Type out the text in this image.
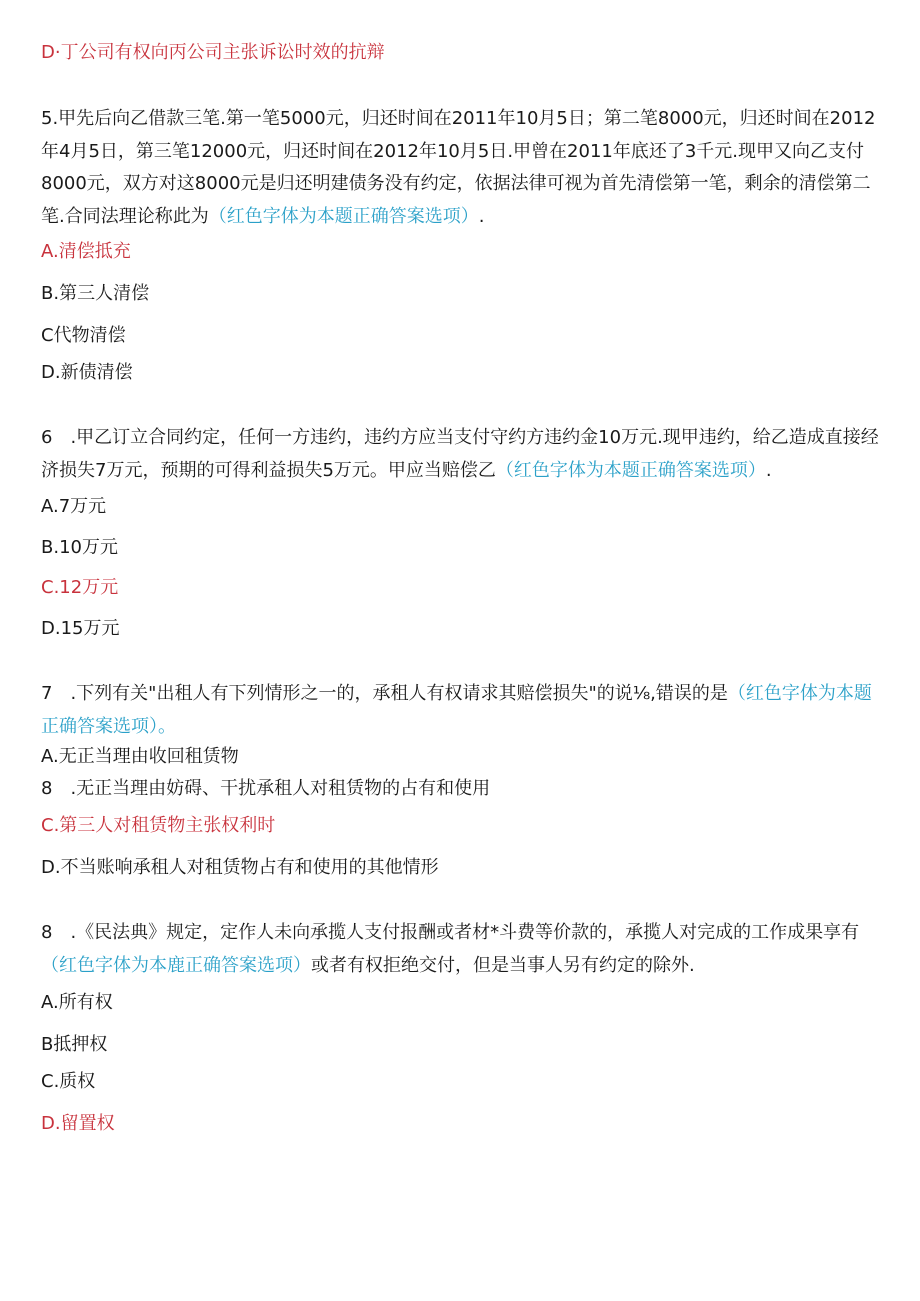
D·丁公司有权向丙公司主张诉讼时效的抗辩
5.甲先后向乙借款三笔.第一笔5000元，归还时间在2011年10月5日；第二笔8000元，归还时间在2012年4月5日，第三笔12000元，归还时间在2012年10月5日.甲曾在2011年底还了3千元.现甲又向乙支付8000元，双方对这8000元是归还明建债务没有约定，依据法律可视为首先清偿第一笔，剩余的清偿第二笔.合同法理论称此为（红色字体为本题正确答案选项）.
A.清偿抵充
B.第三人清偿
C代物清偿
D.新债清偿
6　.甲乙订立合同约定，任何一方违约，违约方应当支付守约方违约金10万元.现甲违约，给乙造成直接经济损失7万元，预期的可得利益损失5万元。甲应当赔偿乙（红色字体为本题正确答案选项）.
A.7万元
B.10万元
C.12万元
D.15万元
7　.下列有关"出租人有下列情形之一的，承租人有权请求其赔偿损失"的说⅛,错误的是（红色字体为本题正确答案选项）。
A.无正当理由收回租赁物
8　.无正当理由妨碍、干扰承租人对租赁物的占有和使用
C.第三人对租赁物主张权利时
D.不当账响承租人对租赁物占有和使用的其他情形
8　.《民法典》规定，定作人未向承揽人支付报酬或者材*斗费等价款的，承揽人对完成的工作成果享有（红色字体为本鹿正确答案选项）或者有权拒绝交付，但是当事人另有约定的除外.
A.所有权
B抵押权
C.质权
D.留置权
